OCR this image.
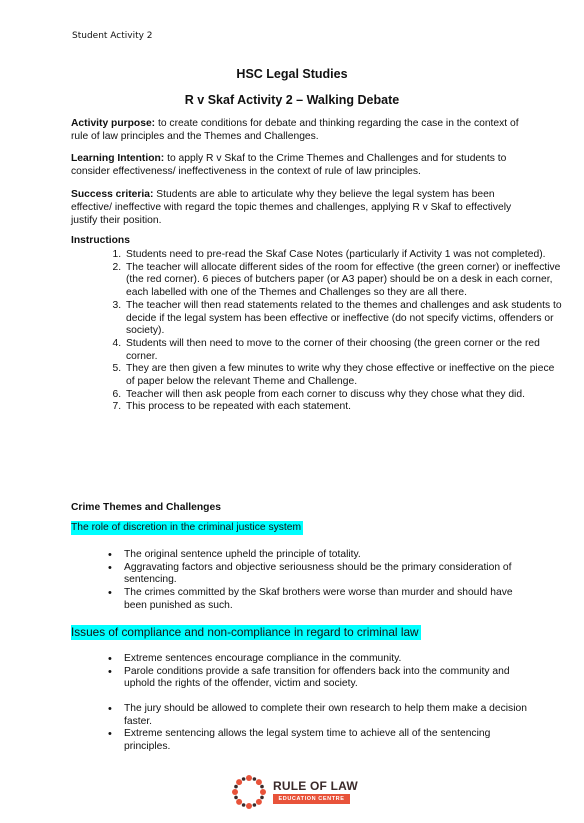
Student Activity 2
HSC Legal Studies
R v Skaf Activity 2 – Walking Debate
Activity purpose: to create conditions for debate and thinking regarding the case in the context of rule of law principles and the Themes and Challenges.
Learning Intention: to apply R v Skaf to the Crime Themes and Challenges and for students to consider effectiveness/ ineffectiveness in the context of rule of law principles.
Success criteria: Students are able to articulate why they believe the legal system has been effective/ ineffective with regard the topic themes and challenges, applying R v Skaf to effectively justify their position.
Instructions
1. Students need to pre-read the Skaf Case Notes (particularly if Activity 1 was not completed).
2. The teacher will allocate different sides of the room for effective (the green corner) or ineffective (the red corner). 6 pieces of butchers paper (or A3 paper) should be on a desk in each corner, each labelled with one of the Themes and Challenges so they are all there.
3. The teacher will then read statements related to the themes and challenges and ask students to decide if the legal system has been effective or ineffective (do not specify victims, offenders or society).
4. Students will then need to move to the corner of their choosing (the green corner or the red corner.
5. They are then given a few minutes to write why they chose effective or ineffective on the piece of paper below the relevant Theme and Challenge.
6. Teacher will then ask people from each corner to discuss why they chose what they did.
7. This process to be repeated with each statement.
Crime Themes and Challenges
The role of discretion in the criminal justice system
• The original sentence upheld the principle of totality.
• Aggravating factors and objective seriousness should be the primary consideration of sentencing.
• The crimes committed by the Skaf brothers were worse than murder and should have been punished as such.
Issues of compliance and non-compliance in regard to criminal law
• Extreme sentences encourage compliance in the community.
• Parole conditions provide a safe transition for offenders back into the community and uphold the rights of the offender, victim and society.
• The jury should be allowed to complete their own research to help them make a decision faster.
• Extreme sentencing allows the legal system time to achieve all of the sentencing principles.
RULE OF LAW
EDUCATION CENTRE
